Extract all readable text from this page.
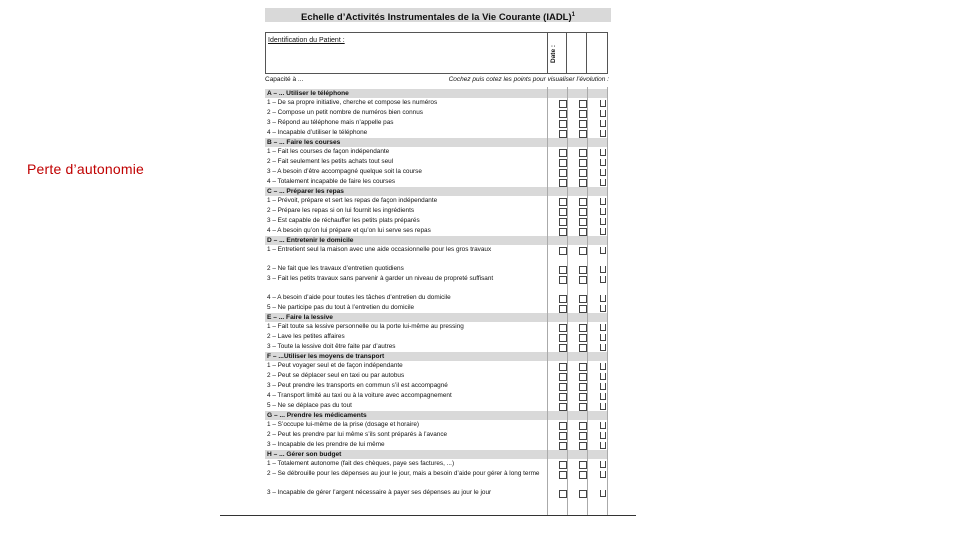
Perte d’autonomie
Echelle d’Activités Instrumentales de la Vie Courante (IADL)$^1$
Identification du Patient :
Date :
Capacité à ...	Cochez puis cotez les points pour visualiser l’évolution :
A – ... Utiliser le téléphone
1 – De sa propre initiative, cherche et compose les numéros
2 – Compose un petit nombre de numéros bien connus
3 – Répond au téléphone mais n’appelle pas
4 – Incapable d’utiliser le téléphone
B – ... Faire les courses
1 – Fait les courses de façon indépendante
2 – Fait seulement les petits achats tout seul
3 – A besoin d’être accompagné quelque soit la course
4 – Totalement incapable de faire les courses
C – ... Préparer les repas
1 – Prévoit, prépare et sert les repas de façon indépendante
2 – Prépare les repas si on lui fournit les ingrédients
3 – Est capable de réchauffer les petits plats préparés
4 – A besoin qu’on lui prépare et qu’on lui serve ses repas
D – ... Entretenir le domicile
1 – Entretient seul la maison avec une aide occasionnelle pour les gros travaux
2 – Ne fait que les travaux d’entretien quotidiens
3 – Fait les petits travaux sans parvenir à garder un niveau de propreté suffisant
4 – A besoin d’aide pour toutes les tâches d’entretien du domicile
5 – Ne participe pas du tout à l’entretien du domicile
E – ... Faire la lessive
1 – Fait toute sa lessive personnelle ou la porte lui-même au pressing
2 – Lave les petites affaires
3 – Toute la lessive doit être faite par d’autres
F – ...Utiliser les moyens de transport
1 – Peut voyager seul et de façon indépendante
2 – Peut se déplacer seul en taxi ou par autobus
3 – Peut prendre les transports en commun s’il est accompagné
4 – Transport limité au taxi ou à la voiture avec accompagnement
5 – Ne se déplace pas du tout
G – ... Prendre les médicaments
1 – S’occupe lui-même de la prise (dosage et horaire)
2 – Peut les prendre par lui même s’ils sont préparés à l’avance
3 – Incapable de les prendre de lui même
H – ... Gérer son budget
1 – Totalement autonome (fait des chèques, paye ses factures, ...)
2 – Se débrouille pour les dépenses au jour le jour, mais a besoin d’aide pour gérer à long terme
3 – Incapable de gérer l’argent nécessaire à payer ses dépenses au jour le jour
